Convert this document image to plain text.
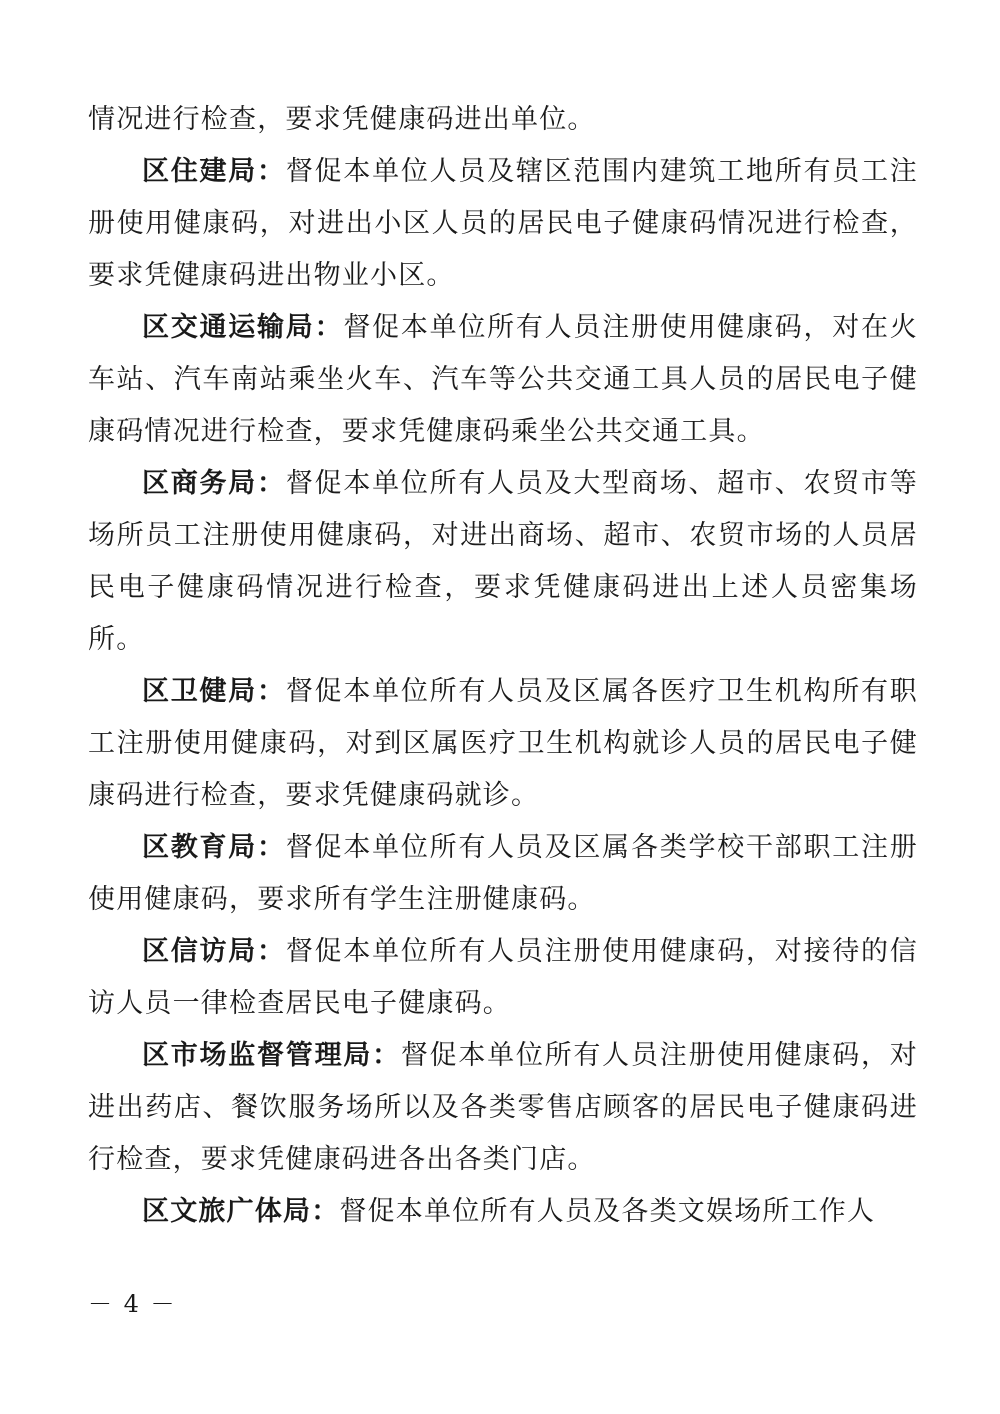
情况进行检查，要求凭健康码进出单位。

区住建局：督促本单位人员及辖区范围内建筑工地所有员工注册使用健康码，对进出小区人员的居民电子健康码情况进行检查，要求凭健康码进出物业小区。

区交通运输局：督促本单位所有人员注册使用健康码，对在火车站、汽车南站乘坐火车、汽车等公共交通工具人员的居民电子健康码情况进行检查，要求凭健康码乘坐公共交通工具。

区商务局：督促本单位所有人员及大型商场、超市、农贸市等场所员工注册使用健康码，对进出商场、超市、农贸市场的人员居民电子健康码情况进行检查，要求凭健康码进出上述人员密集场所。

区卫健局：督促本单位所有人员及区属各医疗卫生机构所有职工注册使用健康码，对到区属医疗卫生机构就诊人员的居民电子健康码进行检查，要求凭健康码就诊。

区教育局：督促本单位所有人员及区属各类学校干部职工注册使用健康码，要求所有学生注册健康码。

区信访局：督促本单位所有人员注册使用健康码，对接待的信访人员一律检查居民电子健康码。

区市场监督管理局：督促本单位所有人员注册使用健康码，对进出药店、餐饮服务场所以及各类零售店顾客的居民电子健康码进行检查，要求凭健康码进各出各类门店。

区文旅广体局：督促本单位所有人员及各类文娱场所工作人

－ 4 －
